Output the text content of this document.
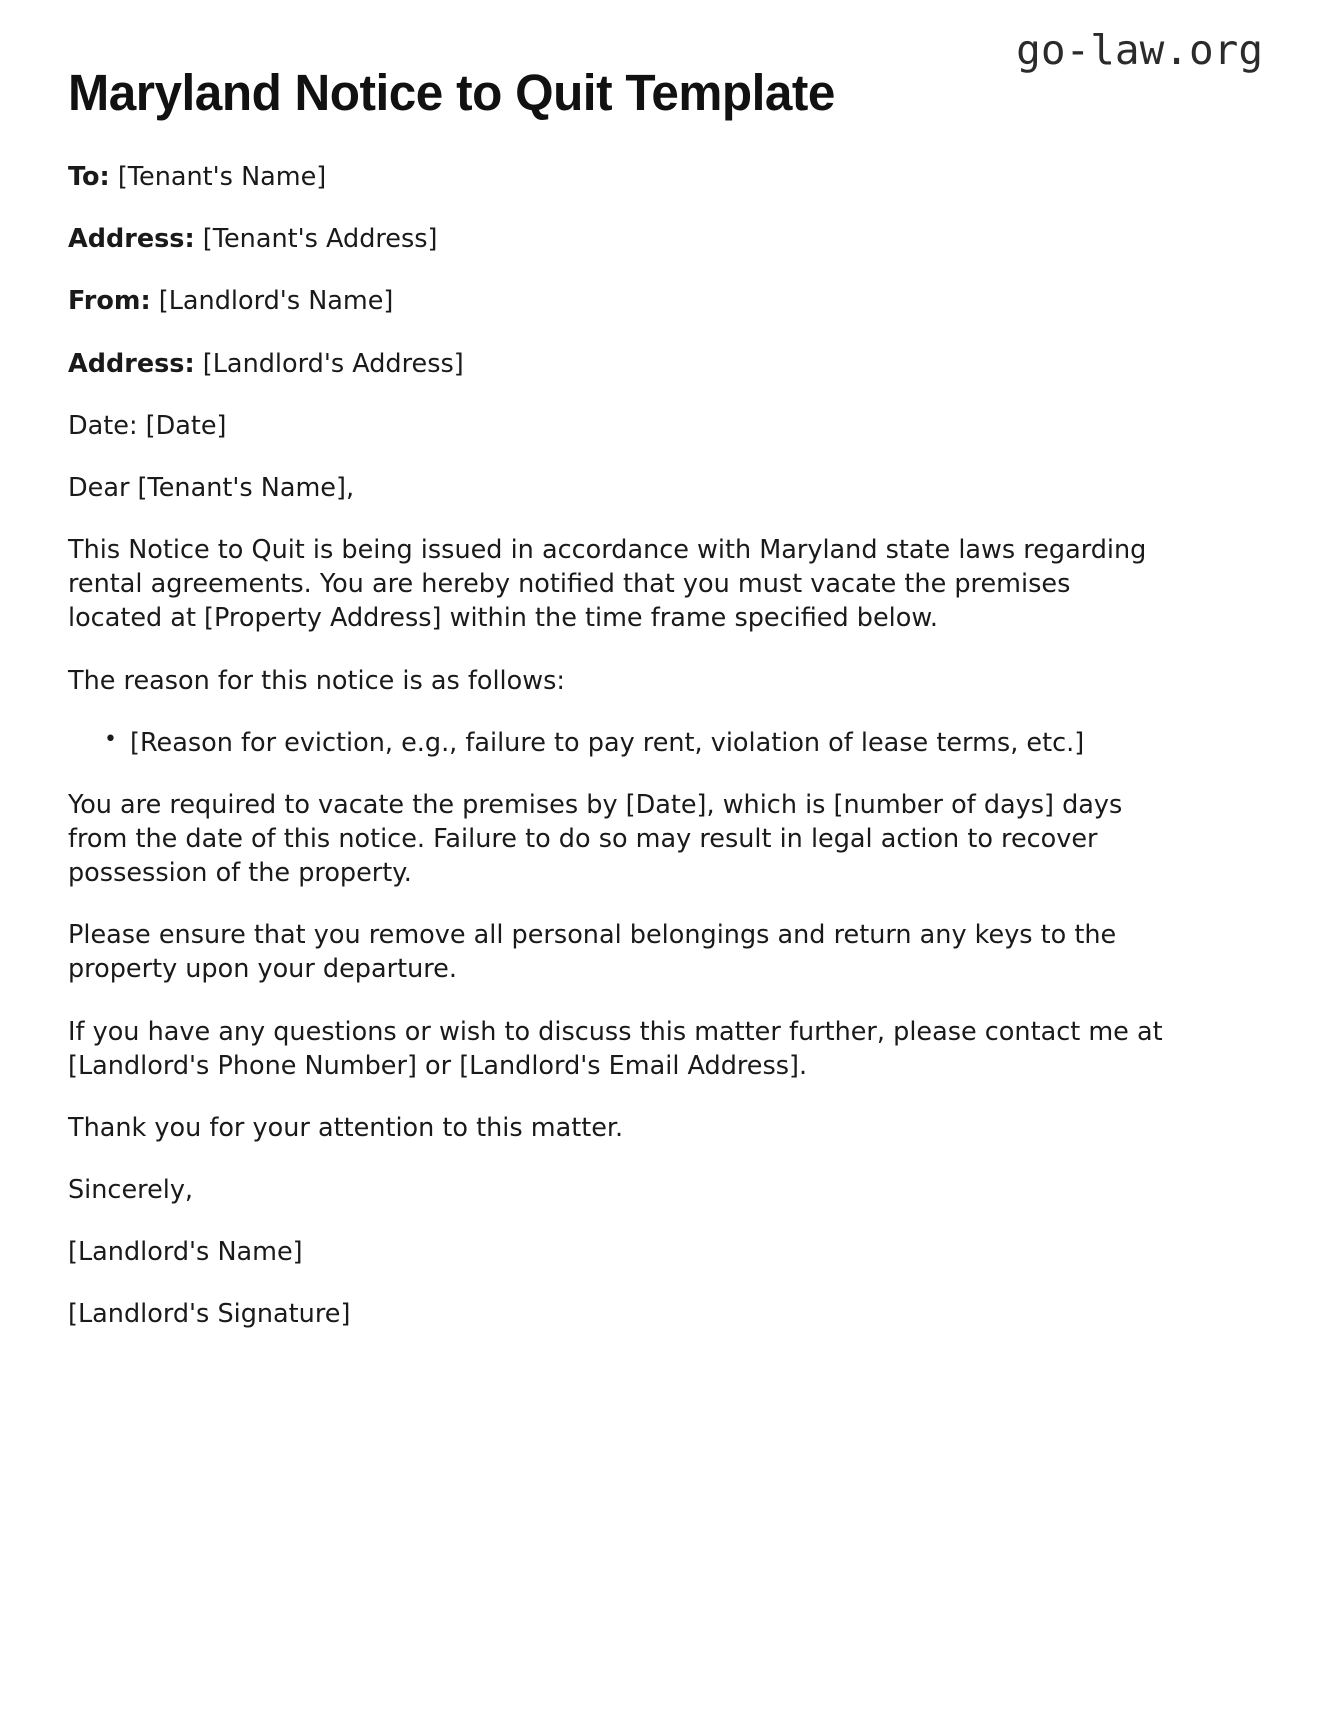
go-law.org
Maryland Notice to Quit Template

To: [Tenant's Name]

Address: [Tenant's Address]

From: [Landlord's Name]

Address: [Landlord's Address]

Date: [Date]

Dear [Tenant's Name],

This Notice to Quit is being issued in accordance with Maryland state laws regarding rental agreements. You are hereby notified that you must vacate the premises located at [Property Address] within the time frame specified below.

The reason for this notice is as follows:

• [Reason for eviction, e.g., failure to pay rent, violation of lease terms, etc.]

You are required to vacate the premises by [Date], which is [number of days] days from the date of this notice. Failure to do so may result in legal action to recover possession of the property.

Please ensure that you remove all personal belongings and return any keys to the property upon your departure.

If you have any questions or wish to discuss this matter further, please contact me at [Landlord's Phone Number] or [Landlord's Email Address].

Thank you for your attention to this matter.

Sincerely,

[Landlord's Name]

[Landlord's Signature]
